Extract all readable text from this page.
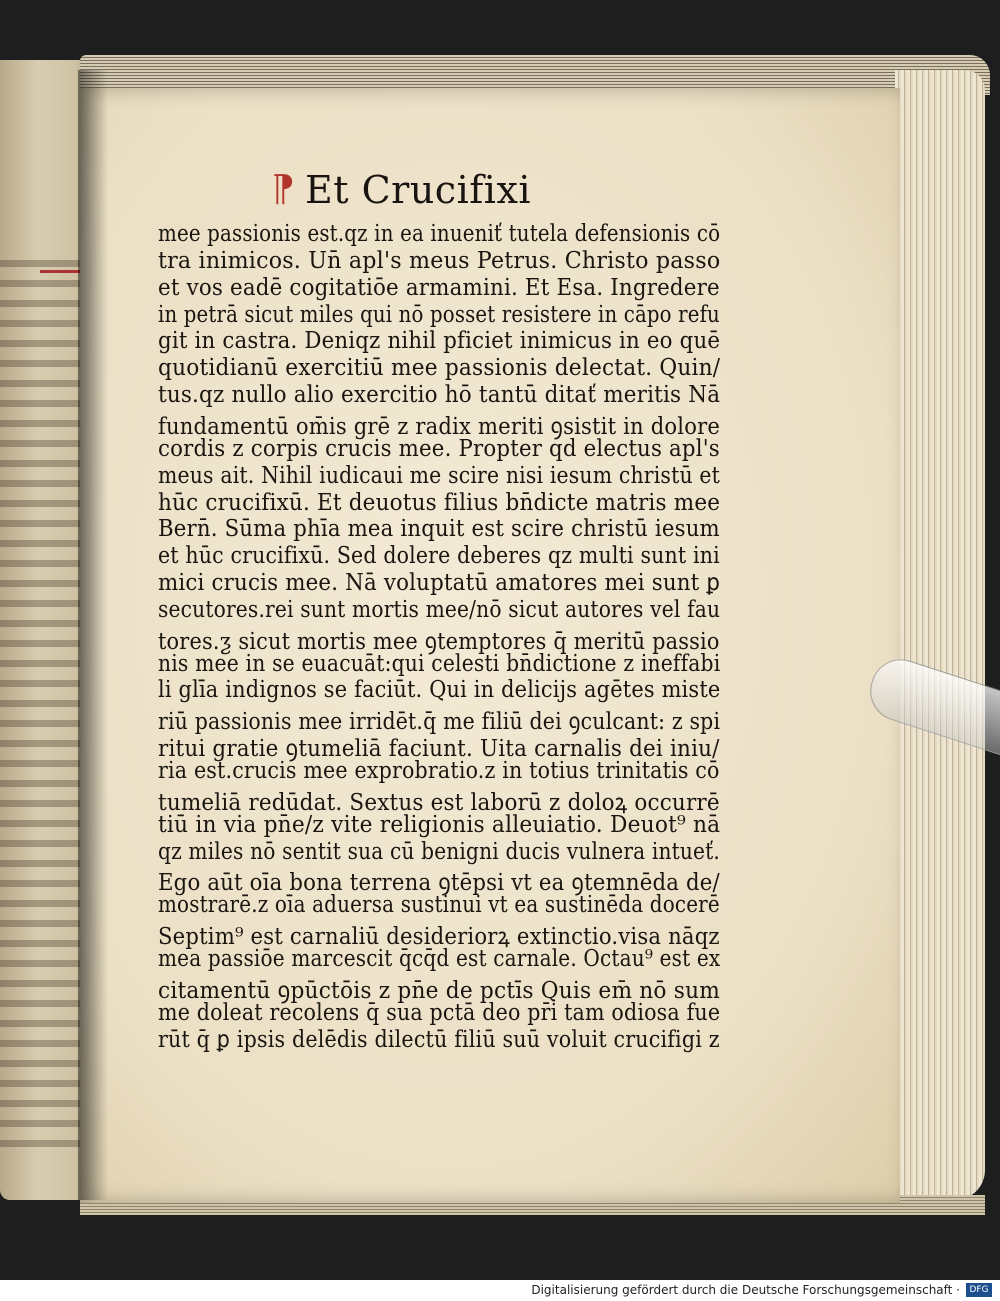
⁋ Et Crucifixi
mee passionis est.qz in ea inueniť tutela defensionis cō
tra inimicos. Un̄ apl's meus Petrus. Christo passo
et vos eadē cogitatiōe armamini. Et Esa. Ingredere
in petrā sicut miles qui nō posset resistere in cāpo refu
git in castra. Deniqz nihil pficiet inimicus in eo quē
quotidianū exercitiū mee passionis delectat. Quin/
tus.qz nullo alio exercitio hō tantū ditať meritis Nā
fundamentū om̄is grē z radix meriti ꝯsistit in dolore
cordis z corpis crucis mee. Propter qd electus apl's
meus ait. Nihil iudicaui me scire nisi iesum christū et
hūc crucifixū. Et deuotus filius bn̄dicte matris mee
Bern̄. Sūma phīa mea inquit est scire christū iesum
et hūc crucifixū. Sed dolere deberes qz multi sunt ini
mici crucis mee. Nā voluptatū amatores mei sunt ꝑ
secutores.rei sunt mortis mee/nō sicut autores vel fau
tores.ƺ sicut mortis mee ꝯtemptores q̄ meritū passio
nis mee in se euacuāt:qui celesti bn̄dictione z ineffabi
li glīa indignos se faciūt. Qui in delicijs agētes miste
riū passionis mee irridēt.q̄ me filiū dei ꝯculcant: z spi
ritui gratie ꝯtumeliā faciunt. Uita carnalis dei iniu/
ria est.crucis mee exprobratio.z in totius trinitatis cō
tumeliā redūdat. Sextus est laborū z doloꝝ occurrē
tiū in via pn̄e/z vite religionis alleuiatio. Deuot⁹ nā
qz miles nō sentit sua cū benigni ducis vulnera intueť.
Ego aūt oīa bona terrena ꝯtēpsi vt ea ꝯtemnēda de/
mostrarē.z oīa aduersa sustinui vt ea sustinēda docerē
Septim⁹ est carnaliū desideriorꝝ extinctio.visa nāqz
mea passiōe marcescit q̄cq̄d est carnale. Octau⁹ est ex
citamentū ꝯpūctōis z pn̄e de pctīs Quis em̄ nō sum
me doleat recolens q̄ sua pctā deo pr̄i tam odiosa fue
rūt q̄ ꝑ ipsis delēdis dilectū filiū suū voluit crucifigi z
Digitalisierung gefördert durch die Deutsche Forschungsgemeinschaft ·	DFG
